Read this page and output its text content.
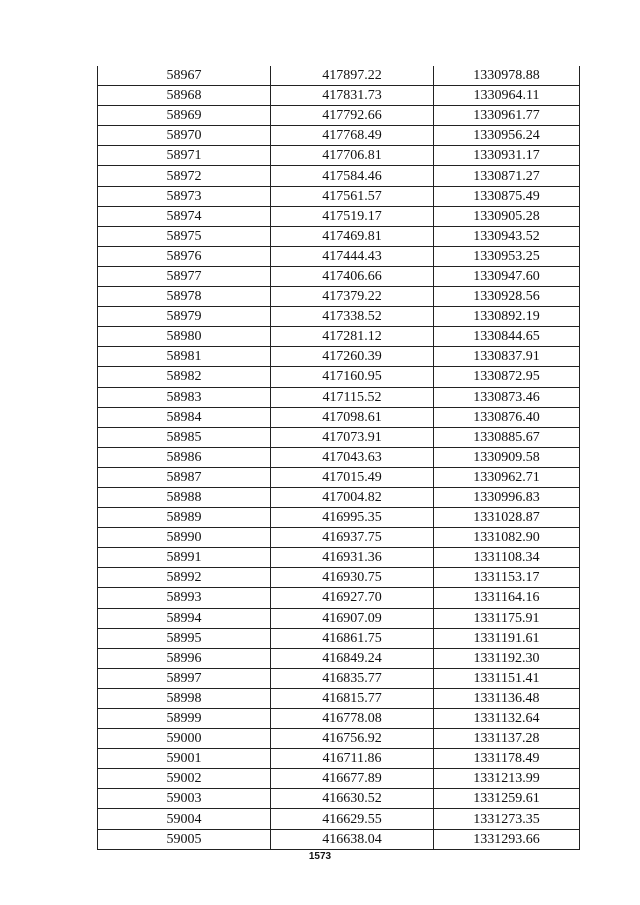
58967	417897.22	1330978.88
58968	417831.73	1330964.11
58969	417792.66	1330961.77
58970	417768.49	1330956.24
58971	417706.81	1330931.17
58972	417584.46	1330871.27
58973	417561.57	1330875.49
58974	417519.17	1330905.28
58975	417469.81	1330943.52
58976	417444.43	1330953.25
58977	417406.66	1330947.60
58978	417379.22	1330928.56
58979	417338.52	1330892.19
58980	417281.12	1330844.65
58981	417260.39	1330837.91
58982	417160.95	1330872.95
58983	417115.52	1330873.46
58984	417098.61	1330876.40
58985	417073.91	1330885.67
58986	417043.63	1330909.58
58987	417015.49	1330962.71
58988	417004.82	1330996.83
58989	416995.35	1331028.87
58990	416937.75	1331082.90
58991	416931.36	1331108.34
58992	416930.75	1331153.17
58993	416927.70	1331164.16
58994	416907.09	1331175.91
58995	416861.75	1331191.61
58996	416849.24	1331192.30
58997	416835.77	1331151.41
58998	416815.77	1331136.48
58999	416778.08	1331132.64
59000	416756.92	1331137.28
59001	416711.86	1331178.49
59002	416677.89	1331213.99
59003	416630.52	1331259.61
59004	416629.55	1331273.35
59005	416638.04	1331293.66
1573
